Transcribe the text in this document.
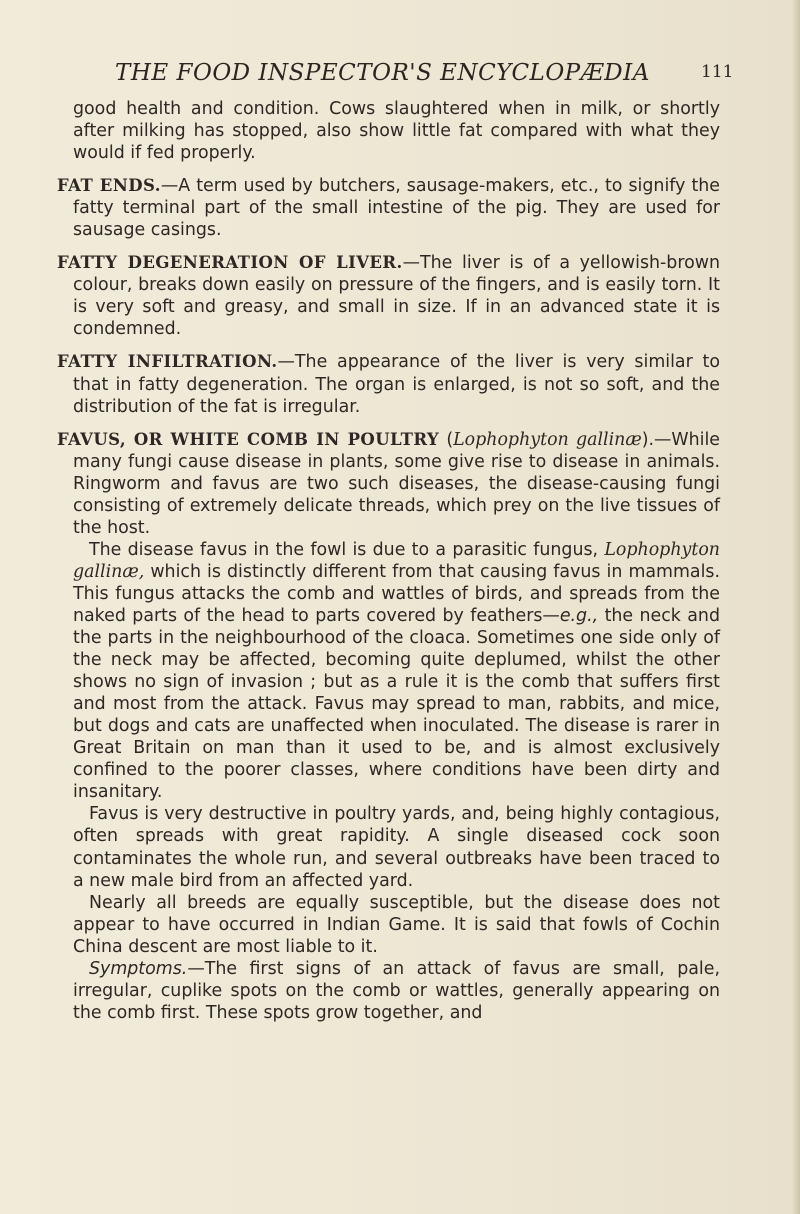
THE FOOD INSPECTOR'S ENCYCLOPÆDIA	111

good health and condition. Cows slaughtered when in milk, or shortly after milking has stopped, also show little fat compared with what they would if fed properly.

FAT ENDS.—A term used by butchers, sausage-makers, etc., to signify the fatty terminal part of the small intestine of the pig. They are used for sausage casings.

FATTY DEGENERATION OF LIVER.—The liver is of a yellowish-brown colour, breaks down easily on pressure of the fingers, and is easily torn. It is very soft and greasy, and small in size. If in an advanced state it is condemned.

FATTY INFILTRATION.—The appearance of the liver is very similar to that in fatty degeneration. The organ is enlarged, is not so soft, and the distribution of the fat is irregular.

FAVUS, OR WHITE COMB IN POULTRY (Lophophyton gallinæ).—While many fungi cause disease in plants, some give rise to disease in animals. Ringworm and favus are two such diseases, the disease-causing fungi consisting of extremely delicate threads, which prey on the live tissues of the host.

The disease favus in the fowl is due to a parasitic fungus, Lophophyton gallinæ, which is distinctly different from that causing favus in mammals. This fungus attacks the comb and wattles of birds, and spreads from the naked parts of the head to parts covered by feathers—e.g., the neck and the parts in the neighbourhood of the cloaca. Sometimes one side only of the neck may be affected, becoming quite deplumed, whilst the other shows no sign of invasion ; but as a rule it is the comb that suffers first and most from the attack. Favus may spread to man, rabbits, and mice, but dogs and cats are unaffected when inoculated. The disease is rarer in Great Britain on man than it used to be, and is almost exclusively confined to the poorer classes, where conditions have been dirty and insanitary.

Favus is very destructive in poultry yards, and, being highly contagious, often spreads with great rapidity. A single diseased cock soon contaminates the whole run, and several outbreaks have been traced to a new male bird from an affected yard.

Nearly all breeds are equally susceptible, but the disease does not appear to have occurred in Indian Game. It is said that fowls of Cochin China descent are most liable to it.

Symptoms.—The first signs of an attack of favus are small, pale, irregular, cuplike spots on the comb or wattles, generally appearing on the comb first. These spots grow together, and
